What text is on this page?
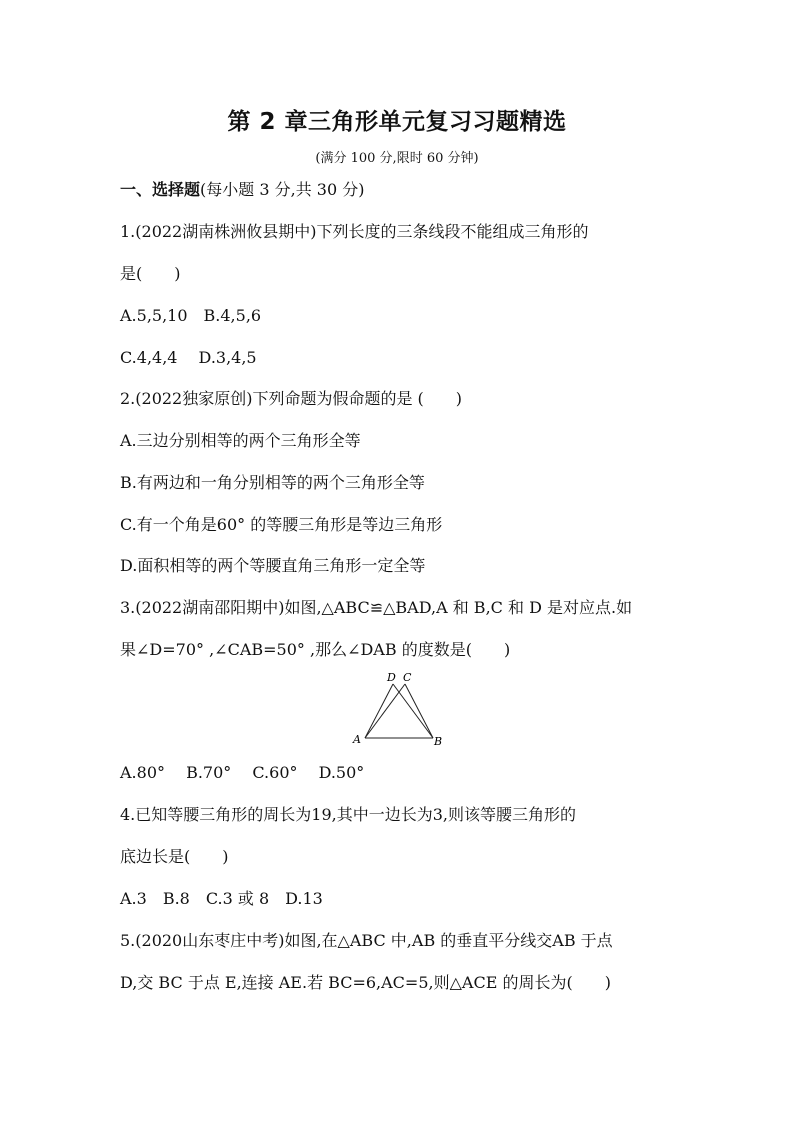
第 2 章三角形单元复习习题精选
(满分 100 分,限时 60 分钟)
一、选择题(每小题 3 分,共 30 分)
1.(2022湖南株洲攸县期中)下列长度的三条线段不能组成三角形的
是(　　)
A.5,5,10　B.4,5,6
C.4,4,4　 D.3,4,5
2.(2022独家原创)下列命题为假命题的是 (　　)
A.三边分别相等的两个三角形全等
B.有两边和一角分别相等的两个三角形全等
C.有一个角是60° 的等腰三角形是等边三角形
D.面积相等的两个等腰直角三角形一定全等
3.(2022湖南邵阳期中)如图,△ABC≌△BAD,A 和 B,C 和 D 是对应点.如
果∠D=70° ,∠CAB=50° ,那么∠DAB 的度数是(　　)
D C
A	B
A.80°　 B.70°　 C.60°　 D.50°
4.已知等腰三角形的周长为19,其中一边长为3,则该等腰三角形的
底边长是(　　)
A.3　B.8　C.3 或 8　D.13
5.(2020山东枣庄中考)如图,在△ABC 中,AB 的垂直平分线交AB 于点
D,交 BC 于点 E,连接 AE.若 BC=6,AC=5,则△ACE 的周长为(　　)
